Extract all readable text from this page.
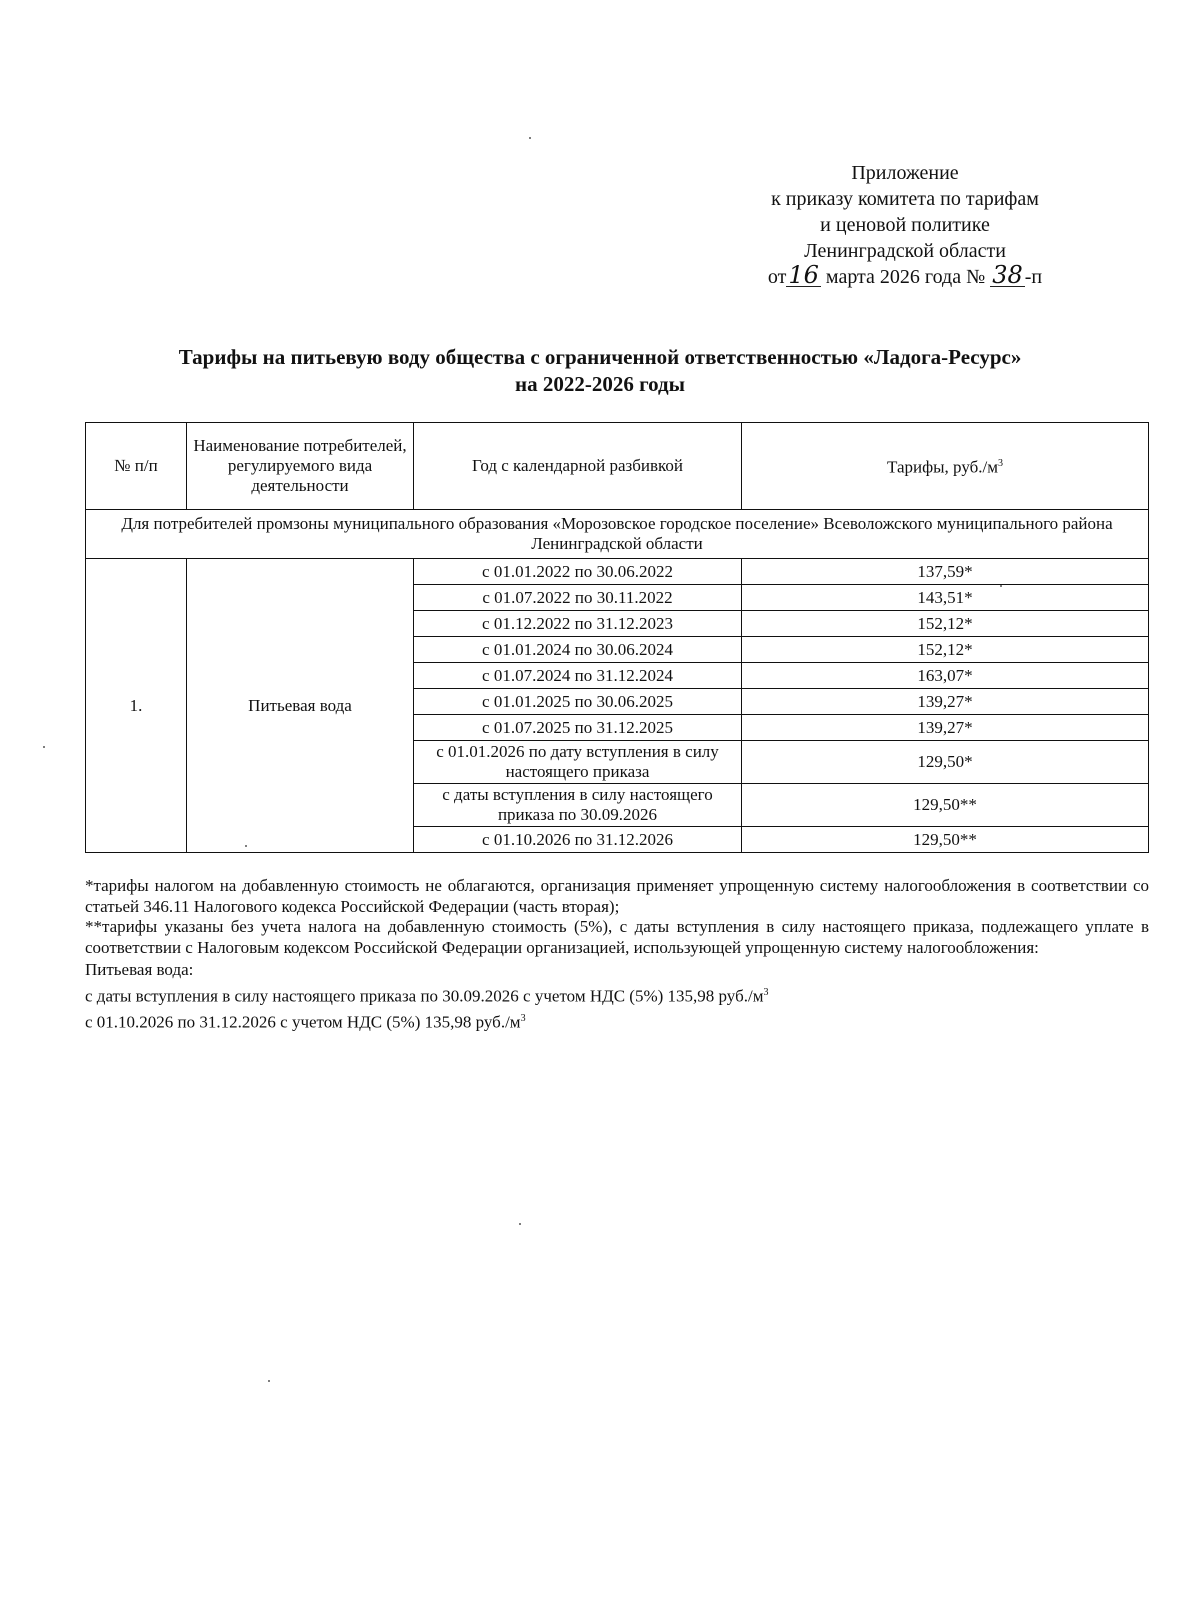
Приложение
к приказу комитета по тарифам
и ценовой политике
Ленинградской области
от16 марта 2026 года № 38 -п
Тарифы на питьевую воду общества с ограниченной ответственностью «Ладога-Ресурс»
на 2022-2026 годы
№ п/п	Наименование потребителей, регулируемого вида деятельности	Год с календарной разбивкой	Тарифы, $руб./м^3$
Для потребителей промзоны муниципального образования «Морозовское городское поселение» Всеволожского муниципального района Ленинградской области			
1.	Питьевая вода	с 01.01.2022 по 30.06.2022	137,59*
		с 01.07.2022 по 30.11.2022	143,51*
		с 01.12.2022 по 31.12.2023	152,12*
		с 01.01.2024 по 30.06.2024	152,12*
		с 01.07.2024 по 31.12.2024	163,07*
		с 01.01.2025 по 30.06.2025	139,27*
		с 01.07.2025 по 31.12.2025	139,27*
		с 01.01.2026 по дату вступления в силу настоящего приказа	129,50*
		с даты вступления в силу настоящего приказа по 30.09.2026	129,50**
		с 01.10.2026 по 31.12.2026	129,50**

*тарифы налогом на добавленную стоимость не облагаются, организация применяет упрощенную систему налогообложения в соответствии со статьей 346.11 Налогового кодекса Российской Федерации (часть вторая);

**тарифы указаны без учета налога на добавленную стоимость (5%), с даты вступления в силу настоящего приказа, подлежащего уплате в соответствии с Налоговым кодексом Российской Федерации организацией, использующей упрощенную систему налогообложения:

Питьевая вода:

с даты вступления в силу настоящего приказа по 30.09.2026 с учетом НДС (5%) 135,98 $руб./м^3$

с 01.10.2026 по 31.12.2026 с учетом НДС (5%) 135,98 $руб./м^3$
